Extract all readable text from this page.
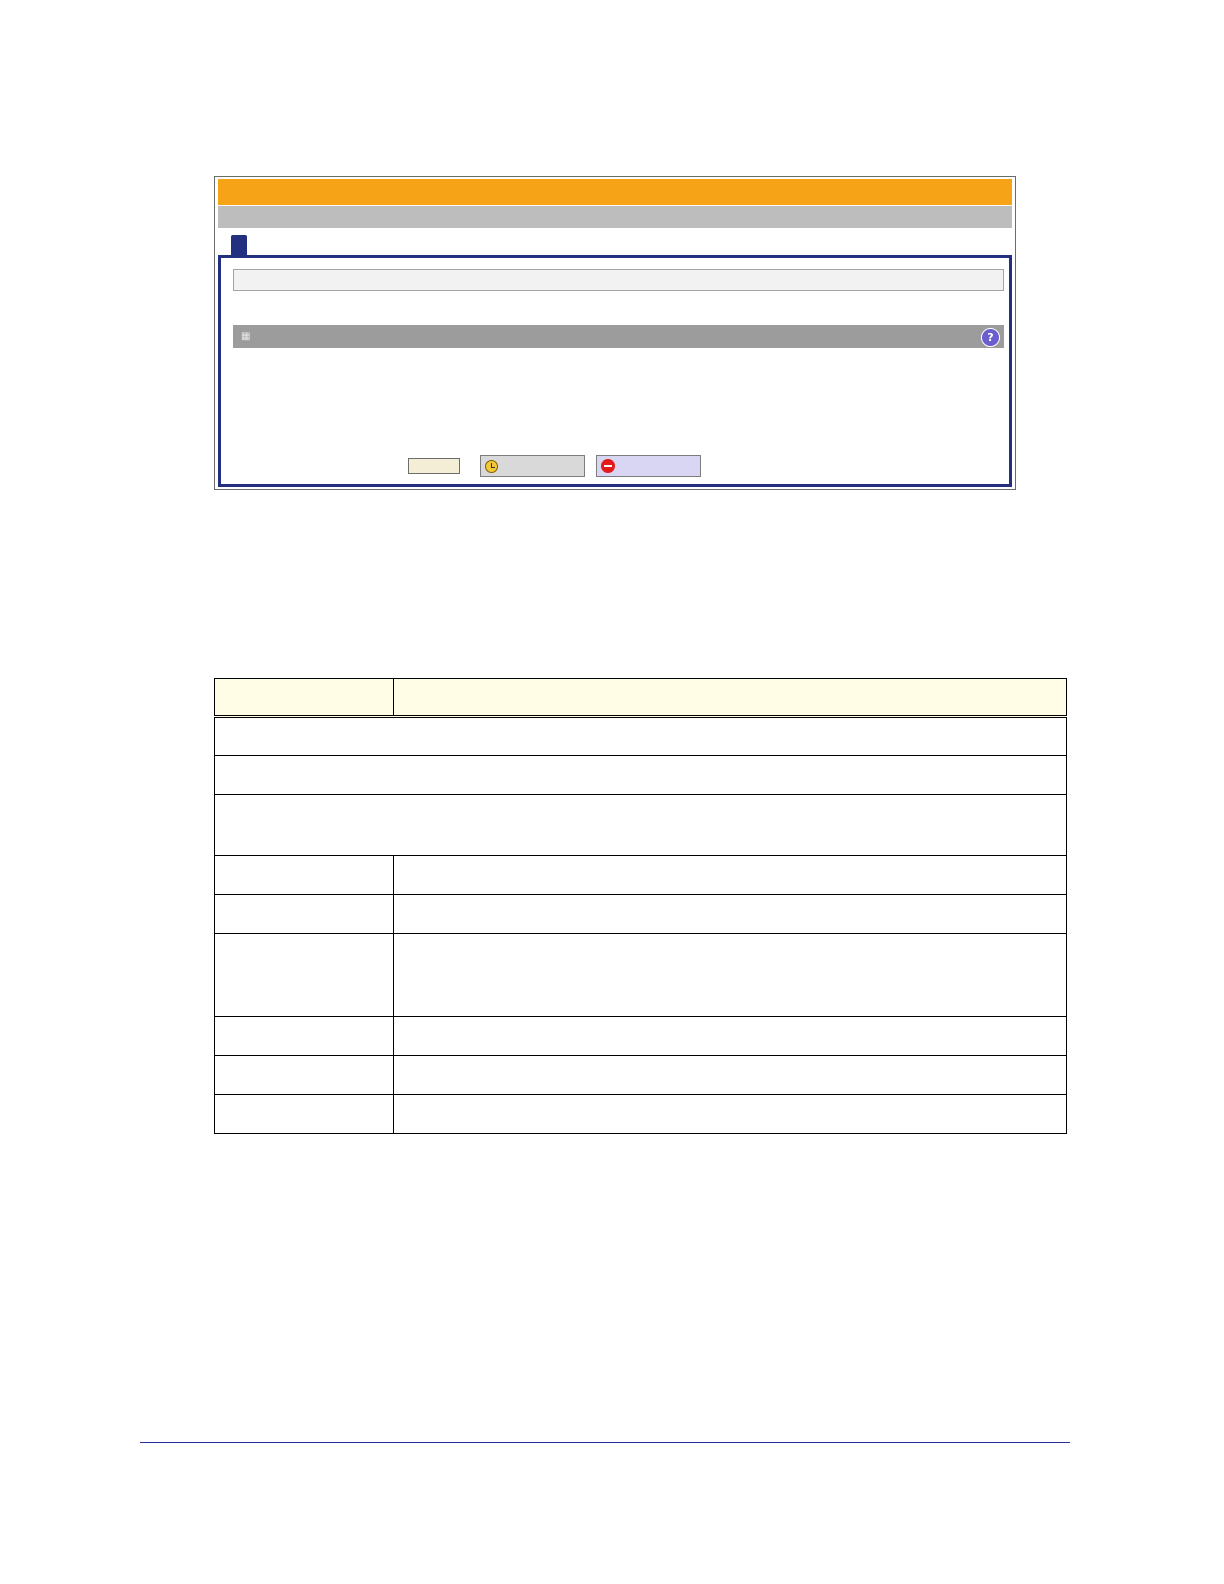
▦	?
